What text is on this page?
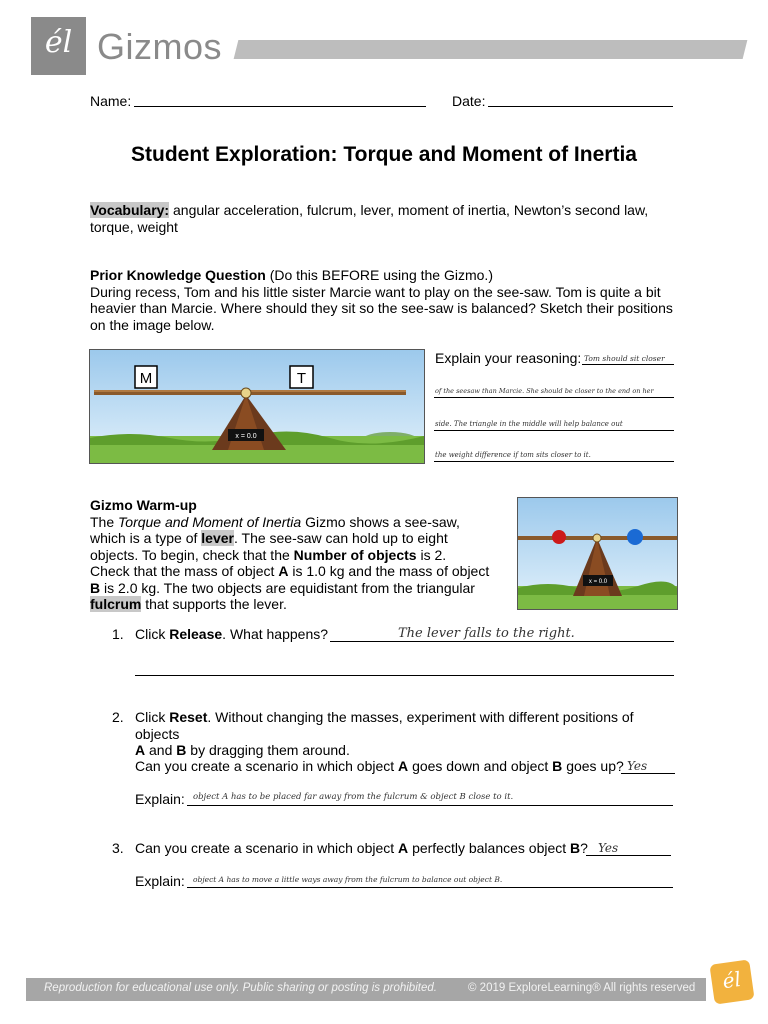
él Gizmos
Name:	Date:
Student Exploration: Torque and Moment of Inertia
Vocabulary: angular acceleration, fulcrum, lever, moment of inertia, Newton’s second law, torque, weight
Prior Knowledge Question (Do this BEFORE using the Gizmo.)
During recess, Tom and his little sister Marcie want to play on the see-saw. Tom is quite a bit heavier than Marcie. Where should they sit so the see-saw is balanced? Sketch their positions on the image below.
x = 0.0
M	T
Explain your reasoning: Tom should sit closer
of the seesaw than Marcie. She should be closer to the end on her
side. The triangle in the middle will help balance out
the weight difference if tom sits closer to it.
Gizmo Warm-up
The Torque and Moment of Inertia Gizmo shows a see-saw,
which is a type of lever. The see-saw can hold up to eight
objects. To begin, check that the Number of objects is 2.
Check that the mass of object A is 1.0 kg and the mass of object
B is 2.0 kg. The two objects are equidistant from the triangular
fulcrum that supports the lever.
x = 0.0
1. Click Release. What happens?	The lever falls to the right.
2. Click Reset. Without changing the masses, experiment with different positions of objects
A and B by dragging them around.
Can you create a scenario in which object A goes down and object B goes up? Yes
Explain: object A has to be placed far away from the fulcrum & object B close to it.
3. Can you create a scenario in which object A perfectly balances object B? Yes
Explain: object A has to move a little ways away from the fulcrum to balance out object B.
Reproduction for educational use only. Public sharing or posting is prohibited.	© 2019 ExploreLearning® All rights reserved	él
